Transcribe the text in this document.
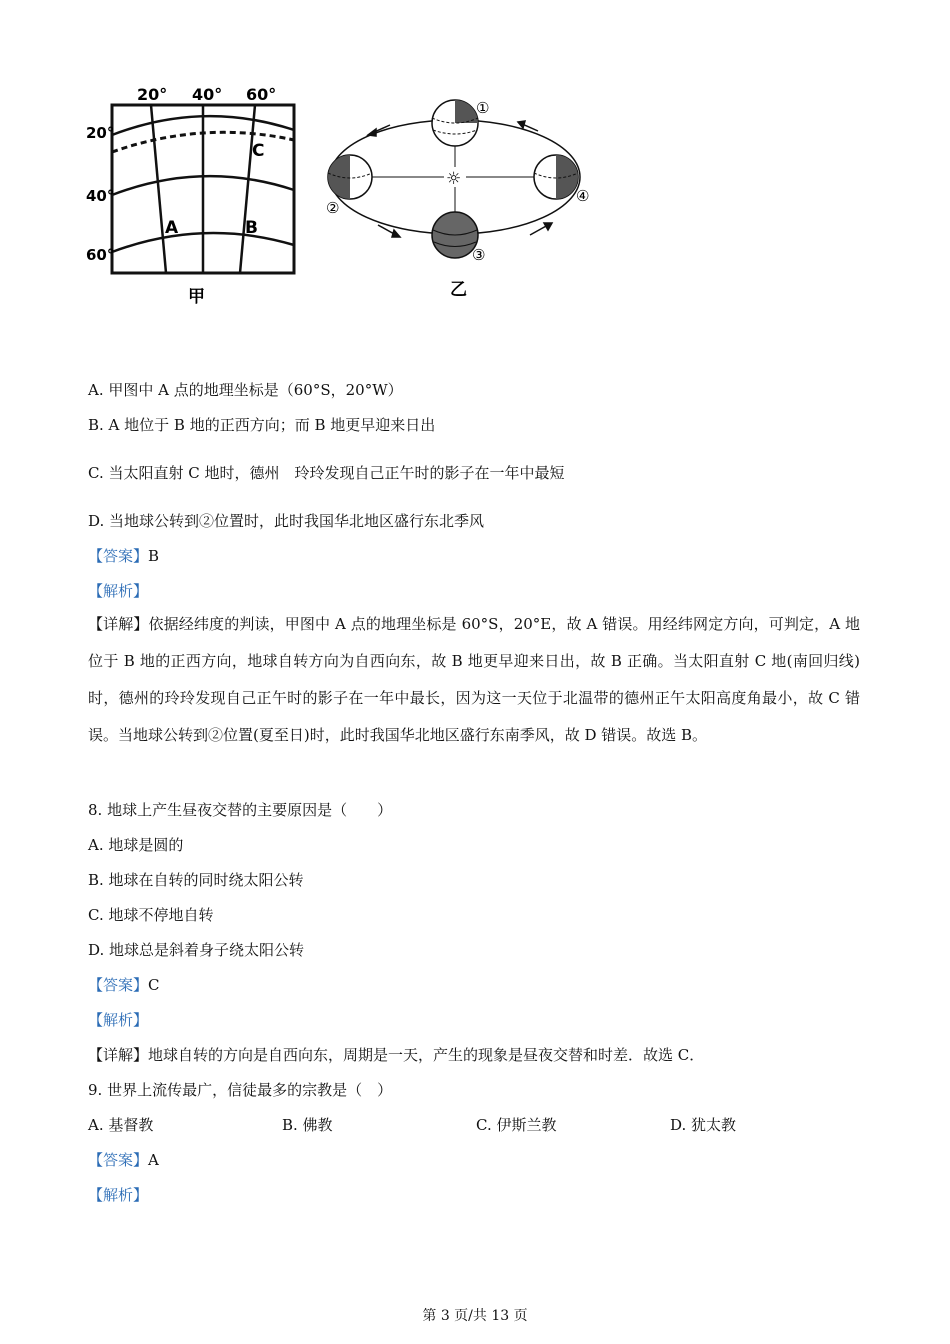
20° 40° 60°
20°
40°
60°
A	B
C
甲
☼
①
②
③
④
乙
A. 甲图中 A 点的地理坐标是（60°S，20°W）
B. A 地位于 B 地的正西方向；而 B 地更早迎来日出
C. 当太阳直射 C 地时，德州　玲玲发现自己正午时的影子在一年中最短
D. 当地球公转到②位置时，此时我国华北地区盛行东北季风
【答案】B
【解析】
【详解】依据经纬度的判读，甲图中 A 点的地理坐标是 60°S，20°E，故 A 错误。用经纬网定方向，可判定，A 地位于 B 地的正西方向，地球自转方向为自西向东，故 B 地更早迎来日出，故 B 正确。当太阳直射 C 地(南回归线)时，德州的玲玲发现自己正午时的影子在一年中最长，因为这一天位于北温带的德州正午太阳高度角最小，故 C 错误。当地球公转到②位置(夏至日)时，此时我国华北地区盛行东南季风，故 D 错误。故选 B。
8. 地球上产生昼夜交替的主要原因是（　　）
A. 地球是圆的
B. 地球在自转的同时绕太阳公转
C. 地球不停地自转
D. 地球总是斜着身子绕太阳公转
【答案】C
【解析】
【详解】地球自转的方向是自西向东，周期是一天，产生的现象是昼夜交替和时差．故选 C．
9. 世界上流传最广，信徒最多的宗教是（　）
A. 基督教	B. 佛教	C. 伊斯兰教	D. 犹太教
【答案】A
【解析】
第 3 页/共 13 页
